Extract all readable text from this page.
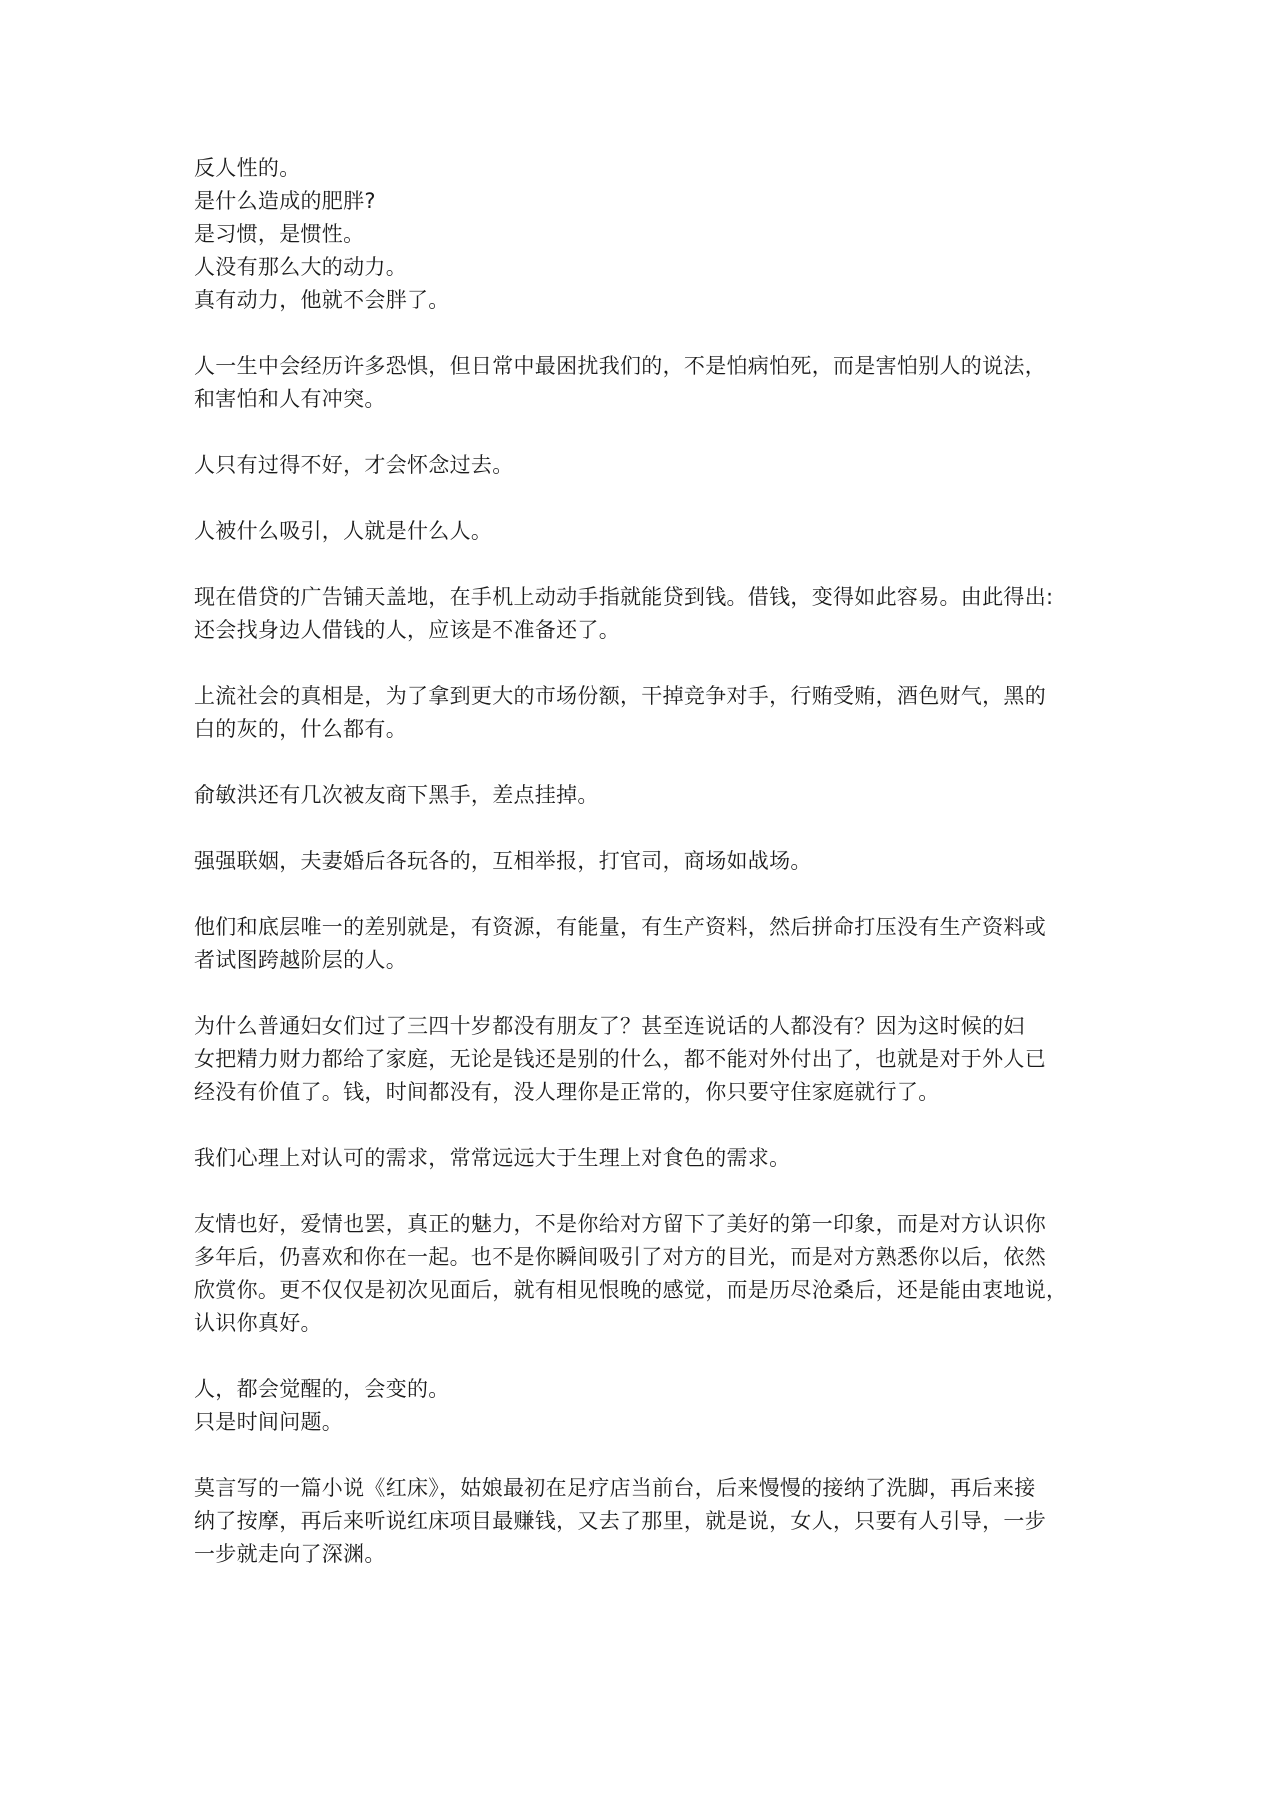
反人性的。
是什么造成的肥胖?
是习惯，是惯性。
人没有那么大的动力。
真有动力，他就不会胖了。

人一生中会经历许多恐惧，但日常中最困扰我们的，不是怕病怕死，而是害怕别人的说法，
和害怕和人有冲突。

人只有过得不好，才会怀念过去。

人被什么吸引，人就是什么人。

现在借贷的广告铺天盖地，在手机上动动手指就能贷到钱。借钱，变得如此容易。由此得出:
还会找身边人借钱的人，应该是不准备还了。

上流社会的真相是，为了拿到更大的市场份额，干掉竞争对手，行贿受贿，酒色财气，黑的
白的灰的，什么都有。

俞敏洪还有几次被友商下黑手，差点挂掉。

强强联姻，夫妻婚后各玩各的，互相举报，打官司，商场如战场。

他们和底层唯一的差别就是，有资源，有能量，有生产资料，然后拼命打压没有生产资料或
者试图跨越阶层的人。

为什么普通妇女们过了三四十岁都没有朋友了？甚至连说话的人都没有？因为这时候的妇
女把精力财力都给了家庭，无论是钱还是别的什么，都不能对外付出了，也就是对于外人已
经没有价值了。钱，时间都没有，没人理你是正常的，你只要守住家庭就行了。

我们心理上对认可的需求，常常远远大于生理上对食色的需求。

友情也好，爱情也罢，真正的魅力，不是你给对方留下了美好的第一印象，而是对方认识你
多年后，仍喜欢和你在一起。也不是你瞬间吸引了对方的目光，而是对方熟悉你以后，依然
欣赏你。更不仅仅是初次见面后，就有相见恨晚的感觉，而是历尽沧桑后，还是能由衷地说，
认识你真好。

人，都会觉醒的，会变的。
只是时间问题。

莫言写的一篇小说《红床》，姑娘最初在足疗店当前台，后来慢慢的接纳了洗脚，再后来接
纳了按摩，再后来听说红床项目最赚钱，又去了那里，就是说，女人，只要有人引导，一步
一步就走向了深渊。
